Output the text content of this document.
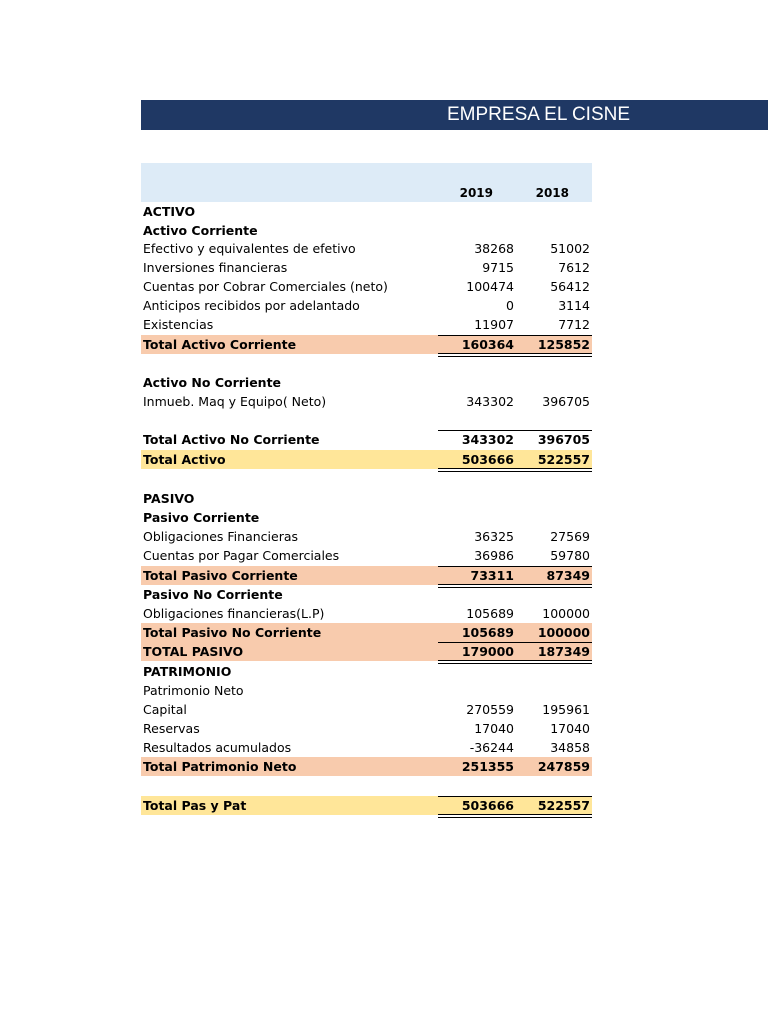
EMPRESA EL CISNE
2019	2018
ACTIVO
Activo Corriente
Efectivo y equivalentes de efetivo	38268	51002
Inversiones financieras	9715	7612
Cuentas por Cobrar Comerciales (neto)	100474	56412
Anticipos recibidos por adelantado	0	3114
Existencias	11907	7712
Total Activo Corriente	160364	125852
Activo No Corriente
Inmueb. Maq y Equipo( Neto)	343302	396705
Total Activo No Corriente	343302	396705
Total Activo	503666	522557
PASIVO
Pasivo Corriente
Obligaciones Financieras	36325	27569
Cuentas por Pagar Comerciales	36986	59780
Total Pasivo Corriente	73311	87349
Pasivo No Corriente
Obligaciones financieras(L.P)	105689	100000
Total Pasivo No Corriente	105689	100000
TOTAL PASIVO	179000	187349
PATRIMONIO
Patrimonio Neto
Capital	270559	195961
Reservas	17040	17040
Resultados acumulados	-36244	34858
Total Patrimonio Neto	251355	247859
Total Pas y Pat	503666	522557
